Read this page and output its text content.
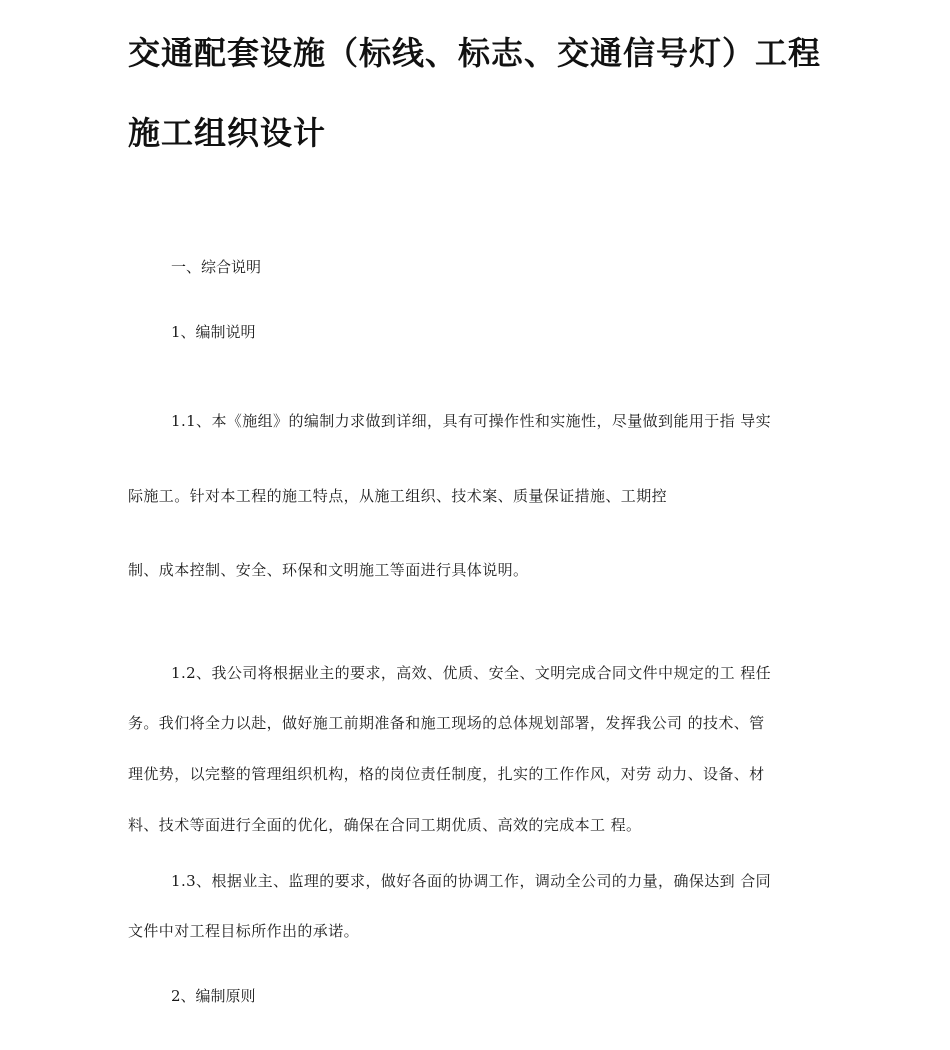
交通配套设施（标线、标志、交通信号灯）工程
施工组织设计

一、综合说明

1、编制说明

1.1、本《施组》的编制力求做到详细，具有可操作性和实施性，尽量做到能用于指 导实

际施工。针对本工程的施工特点，从施工组织、技术案、质量保证措施、工期控

制、成本控制、安全、环保和文明施工等面进行具体说明。

1.2、我公司将根据业主的要求，高效、优质、安全、文明完成合同文件中规定的工 程任

务。我们将全力以赴，做好施工前期准备和施工现场的总体规划部署，发挥我公司 的技术、管

理优势，以完整的管理组织机构，格的岗位责任制度，扎实的工作作风，对劳 动力、设备、材

料、技术等面进行全面的优化，确保在合同工期优质、高效的完成本工 程。

1.3、根据业主、监理的要求，做好各面的协调工作，调动全公司的力量，确保达到 合同

文件中对工程目标所作出的承诺。

2、编制原则
